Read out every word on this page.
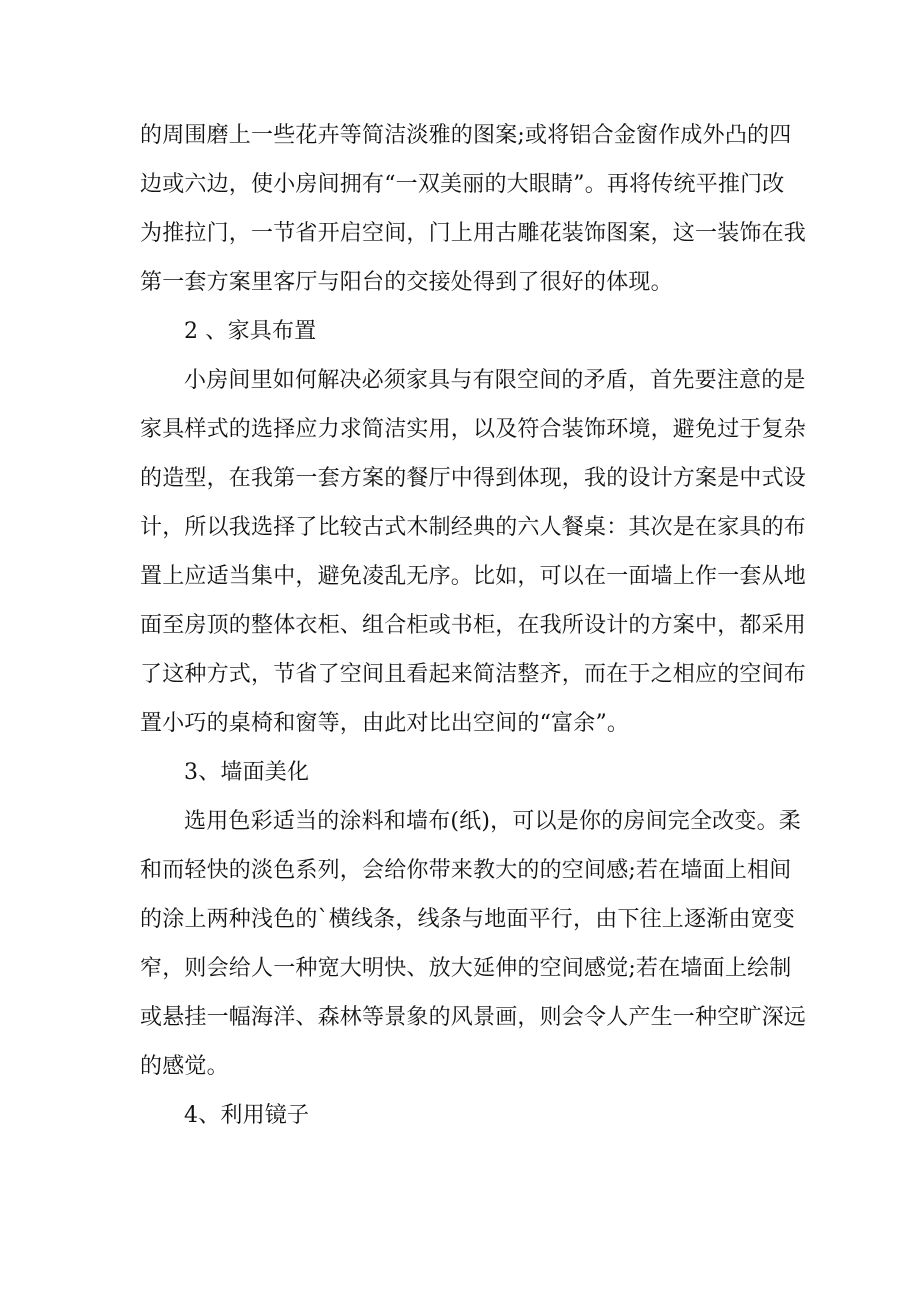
的周围磨上一些花卉等简洁淡雅的图案;或将铝合金窗作成外凸的四
边或六边，使小房间拥有“一双美丽的大眼睛”。再将传统平推门改
为推拉门，一节省开启空间，门上用古雕花装饰图案，这一装饰在我
第一套方案里客厅与阳台的交接处得到了很好的体现。
2 、家具布置
小房间里如何解决必须家具与有限空间的矛盾，首先要注意的是
家具样式的选择应力求简洁实用，以及符合装饰环境，避免过于复杂
的造型，在我第一套方案的餐厅中得到体现，我的设计方案是中式设
计，所以我选择了比较古式木制经典的六人餐桌：其次是在家具的布
置上应适当集中，避免凌乱无序。比如，可以在一面墙上作一套从地
面至房顶的整体衣柜、组合柜或书柜，在我所设计的方案中，都采用
了这种方式，节省了空间且看起来简洁整齐，而在于之相应的空间布
置小巧的桌椅和窗等，由此对比出空间的“富余”。
3、墙面美化
选用色彩适当的涂料和墙布(纸)，可以是你的房间完全改变。柔
和而轻快的淡色系列，会给你带来教大的的空间感;若在墙面上相间
的涂上两种浅色的`横线条，线条与地面平行，由下往上逐渐由宽变
窄，则会给人一种宽大明快、放大延伸的空间感觉;若在墙面上绘制
或悬挂一幅海洋、森林等景象的风景画，则会令人产生一种空旷深远
的感觉。
4、利用镜子
